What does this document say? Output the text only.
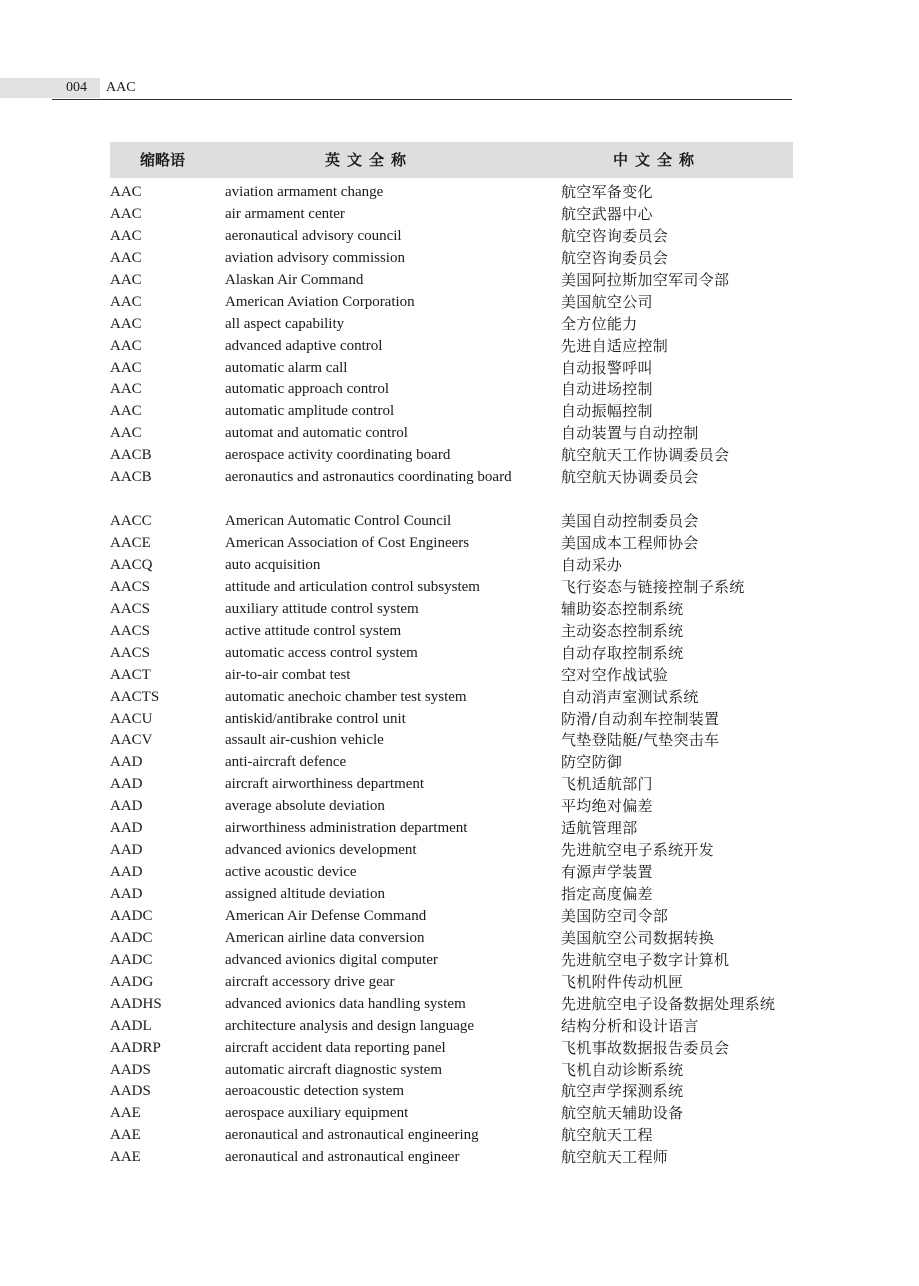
004 AAC
缩略语	英文全称	中文全称
AAC	aviation armament change	航空军备变化
AAC	air armament center	航空武器中心
AAC	aeronautical advisory council	航空咨询委员会
AAC	aviation advisory commission	航空咨询委员会
AAC	Alaskan Air Command	美国阿拉斯加空军司令部
AAC	American Aviation Corporation	美国航空公司
AAC	all aspect capability	全方位能力
AAC	advanced adaptive control	先进自适应控制
AAC	automatic alarm call	自动报警呼叫
AAC	automatic approach control	自动进场控制
AAC	automatic amplitude control	自动振幅控制
AAC	automat and automatic control	自动装置与自动控制
AACB	aerospace activity coordinating board	航空航天工作协调委员会
AACB	aeronautics and astronautics coordinating board	航空航天协调委员会
AACC	American Automatic Control Council	美国自动控制委员会
AACE	American Association of Cost Engineers	美国成本工程师协会
AACQ	auto acquisition	自动采办
AACS	attitude and articulation control subsystem	飞行姿态与链接控制子系统
AACS	auxiliary attitude control system	辅助姿态控制系统
AACS	active attitude control system	主动姿态控制系统
AACS	automatic access control system	自动存取控制系统
AACT	air-to-air combat test	空对空作战试验
AACTS	automatic anechoic chamber test system	自动消声室测试系统
AACU	antiskid/antibrake control unit	防滑/自动刹车控制装置
AACV	assault air-cushion vehicle	气垫登陆艇/气垫突击车
AAD	anti-aircraft defence	防空防御
AAD	aircraft airworthiness department	飞机适航部门
AAD	average absolute deviation	平均绝对偏差
AAD	airworthiness administration department	适航管理部
AAD	advanced avionics development	先进航空电子系统开发
AAD	active acoustic device	有源声学装置
AAD	assigned altitude deviation	指定高度偏差
AADC	American Air Defense Command	美国防空司令部
AADC	American airline data conversion	美国航空公司数据转换
AADC	advanced avionics digital computer	先进航空电子数字计算机
AADG	aircraft accessory drive gear	飞机附件传动机匣
AADHS	advanced avionics data handling system	先进航空电子设备数据处理系统
AADL	architecture analysis and design language	结构分析和设计语言
AADRP	aircraft accident data reporting panel	飞机事故数据报告委员会
AADS	automatic aircraft diagnostic system	飞机自动诊断系统
AADS	aeroacoustic detection system	航空声学探测系统
AAE	aerospace auxiliary equipment	航空航天辅助设备
AAE	aeronautical and astronautical engineering	航空航天工程
AAE	aeronautical and astronautical engineer	航空航天工程师
